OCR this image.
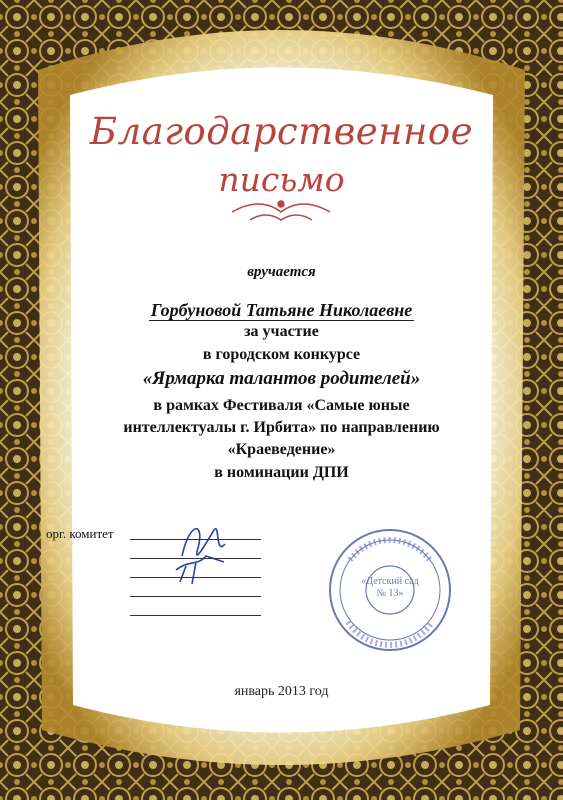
Благодарственное
письмо
вручается
Горбуновой Татьяне Николаевне
за участие
в городском конкурсе
«Ярмарка талантов родителей»
в рамках Фестиваля «Самые юные
интеллектуалы г. Ирбита» по направлению
«Краеведение»
в номинации ДПИ
орг. комитет
«Детский сад № 13»
январь 2013 год
